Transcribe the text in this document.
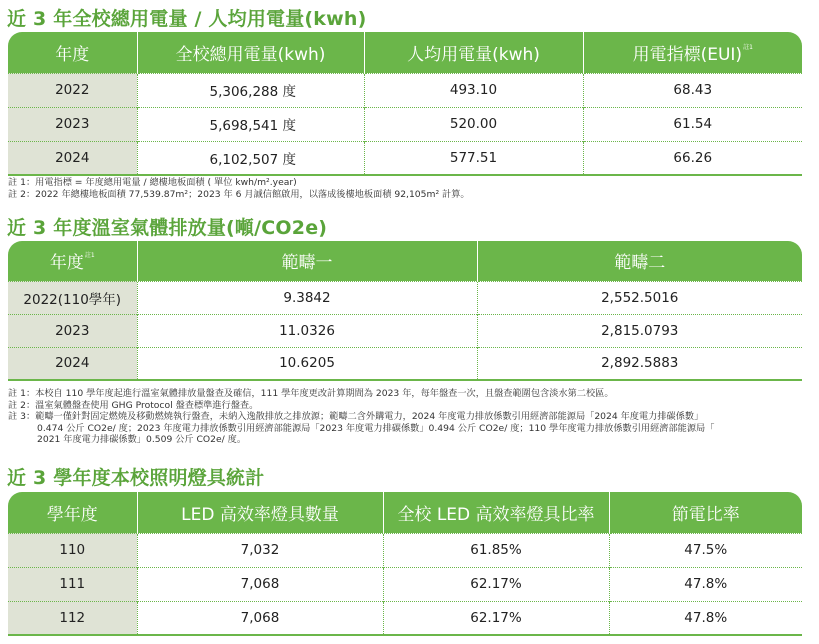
近 3 年全校總用電量 / 人均用電量(kwh)
年度	全校總用電量(kwh)	人均用電量(kwh)	用電指標(EUI)$^{註1}$
2022	5,306,288 度	493.10	68.43
2023	5,698,541 度	520.00	61.54
2024	6,102,507 度	577.51	66.26
註 1：用電指標 = 年度總用電量 / 總樓地板面積 ( 單位 kwh/m².year)
註 2：2022 年總樓地板面積 77,539.87m²；2023 年 6 月誠信館啟用，以落成後樓地板面積 92,105m² 計算。
近 3 年度溫室氣體排放量(噸/CO2e)
年度$^{註1}$	範疇一	範疇二
2022(110學年)	9.3842	2,552.5016
2023	11.0326	2,815.0793
2024	10.6205	2,892.5883
註 1：本校自 110 學年度起進行溫室氣體排放量盤查及確信，111 學年度更改計算期間為 2023 年，每年盤查一次，且盤查範圍包含淡水第二校區。
註 2：溫室氣體盤查使用 GHG Protocol 盤查標準進行盤查。
註 3：範疇一僅針對固定燃燒及移動燃燒執行盤查，未納入逸散排放之排放源；範疇二含外購電力，2024 年度電力排放係數引用經濟部能源局「2024 年度電力排碳係數」
0.474 公斤 CO2e/ 度；2023 年度電力排放係數引用經濟部能源局「2023 年度電力排碳係數」0.494 公斤 CO2e/ 度；110 學年度電力排放係數引用經濟部能源局「
2021 年度電力排碳係數」0.509 公斤 CO2e/ 度。
近 3 學年度本校照明燈具統計
學年度	LED 高效率燈具數量	全校 LED 高效率燈具比率	節電比率
110	7,032	61.85%	47.5%
111	7,068	62.17%	47.8%
112	7,068	62.17%	47.8%
